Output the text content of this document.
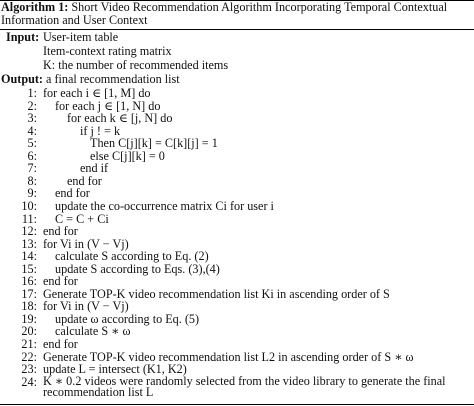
Algorithm 1: Short Video Recommendation Algorithm Incorporating Temporal Contextual Information and User Context

Input: User-item table
Item-context rating matrix
K: the number of recommended items
Output: a final recommendation list
1: for each i ∈ [1, M] do
2: for each j ∈ [1, N] do
3: for each k ∈ [j, N] do
4:	if j ! = k
5:	Then C[j][k] = C[k][j] = 1
6:	else C[j][k] = 0
7:	end if
8: end for
9: end for
10: update the co-occurrence matrix Ci for user i
11: C = C + Ci
12: end for
13: for Vi in (V − Vj)
14: calculate S according to Eq. (2)
15: update S according to Eqs. (3),(4)
16: end for
17: Generate TOP-K video recommendation list Ki in ascending order of S
18: for Vi in (V − Vj)
19: update ω according to Eq. (5)
20: calculate S ∗ ω
21: end for
22: Generate TOP-K video recommendation list L2 in ascending order of S ∗ ω
23: update L = intersect (K1, K2)
24: K ∗ 0.2 videos were randomly selected from the video library to generate the final recommendation list L
